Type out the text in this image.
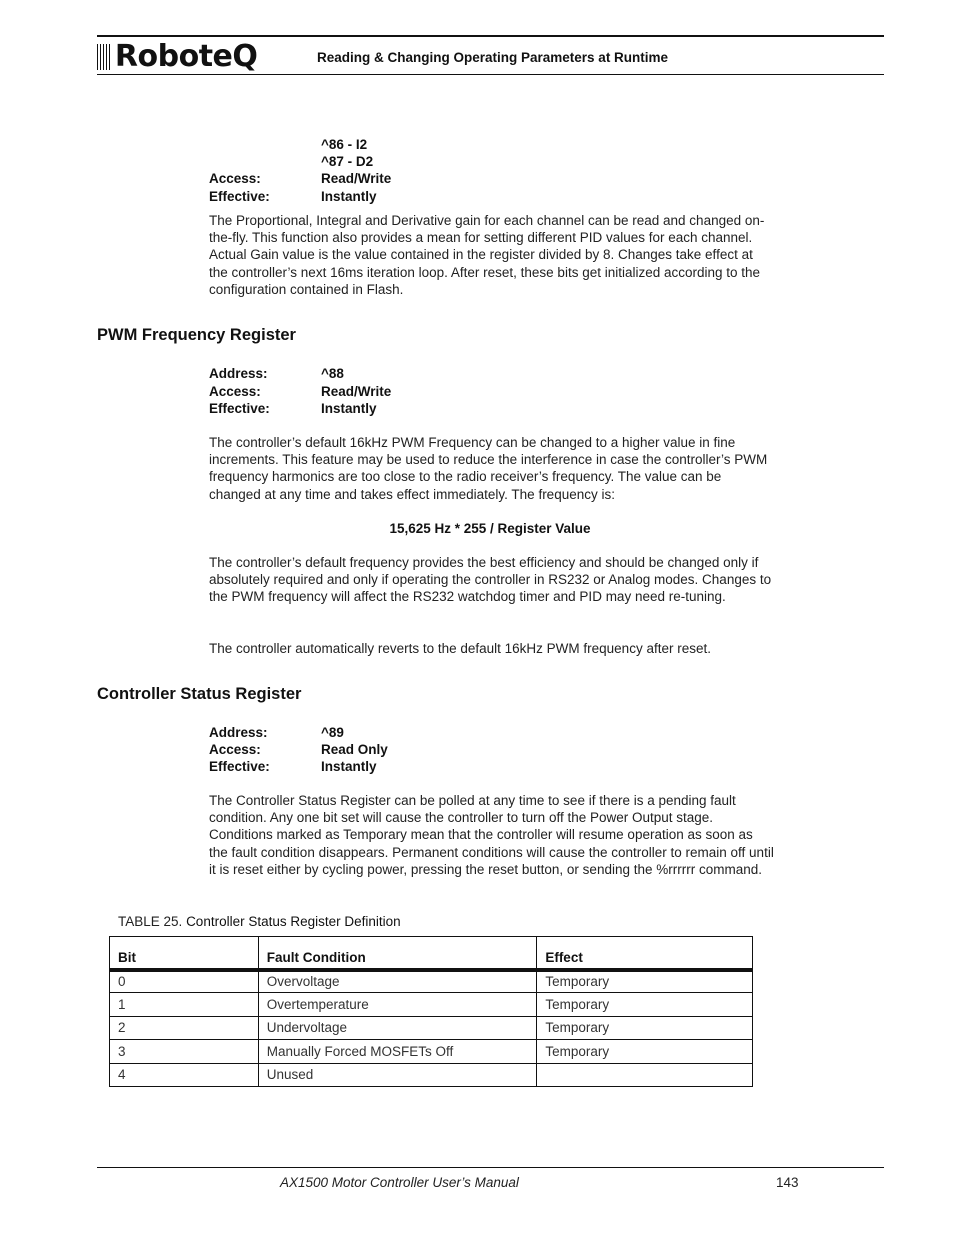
RoboteQ	Reading & Changing Operating Parameters at Runtime
^86 - I2
^87 - D2
Access:	Read/Write
Effective:	Instantly
The Proportional, Integral and Derivative gain for each channel can be read and changed on-the-fly. This function also provides a mean for setting different PID values for each channel. Actual Gain value is the value contained in the register divided by 8. Changes take effect at the controller’s next 16ms iteration loop. After reset, these bits get initialized according to the configuration contained in Flash.
PWM Frequency Register
Address:	^88
Access:	Read/Write
Effective:	Instantly
The controller’s default 16kHz PWM Frequency can be changed to a higher value in fine increments. This feature may be used to reduce the interference in case the controller’s PWM frequency harmonics are too close to the radio receiver’s frequency. The value can be changed at any time and takes effect immediately. The frequency is:
15,625 Hz * 255 / Register Value
The controller’s default frequency provides the best efficiency and should be changed only if absolutely required and only if operating the controller in RS232 or Analog modes. Changes to the PWM frequency will affect the RS232 watchdog timer and PID may need re-tuning.
The controller automatically reverts to the default 16kHz PWM frequency after reset.
Controller Status Register
Address:	^89
Access:	Read Only
Effective:	Instantly
The Controller Status Register can be polled at any time to see if there is a pending fault condition. Any one bit set will cause the controller to turn off the Power Output stage. Conditions marked as Temporary mean that the controller will resume operation as soon as the fault condition disappears. Permanent conditions will cause the controller to remain off until it is reset either by cycling power, pressing the reset button, or sending the %rrrrrr command.
TABLE 25. Controller Status Register Definition
Bit	Fault Condition	Effect
0	Overvoltage	Temporary
1	Overtemperature	Temporary
2	Undervoltage	Temporary
3	Manually Forced MOSFETs Off	Temporary
4	Unused	
AX1500 Motor Controller User’s Manual	143
